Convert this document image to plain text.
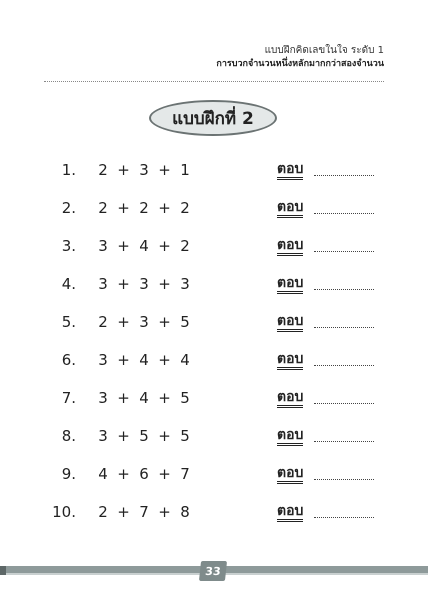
แบบฝึกคิดเลขในใจ ระดับ 1
การบวกจำนวนหนึ่งหลักมากกว่าสองจำนวน
แบบฝึกที่ 2
1. 2 + 3 + 1	ตอบ
2. 2 + 2 + 2	ตอบ
3. 3 + 4 + 2	ตอบ
4. 3 + 3 + 3	ตอบ
5. 2 + 3 + 5	ตอบ
6. 3 + 4 + 4	ตอบ
7. 3 + 4 + 5	ตอบ
8. 3 + 5 + 5	ตอบ
9. 4 + 6 + 7	ตอบ
10. 2 + 7 + 8	ตอบ
33
